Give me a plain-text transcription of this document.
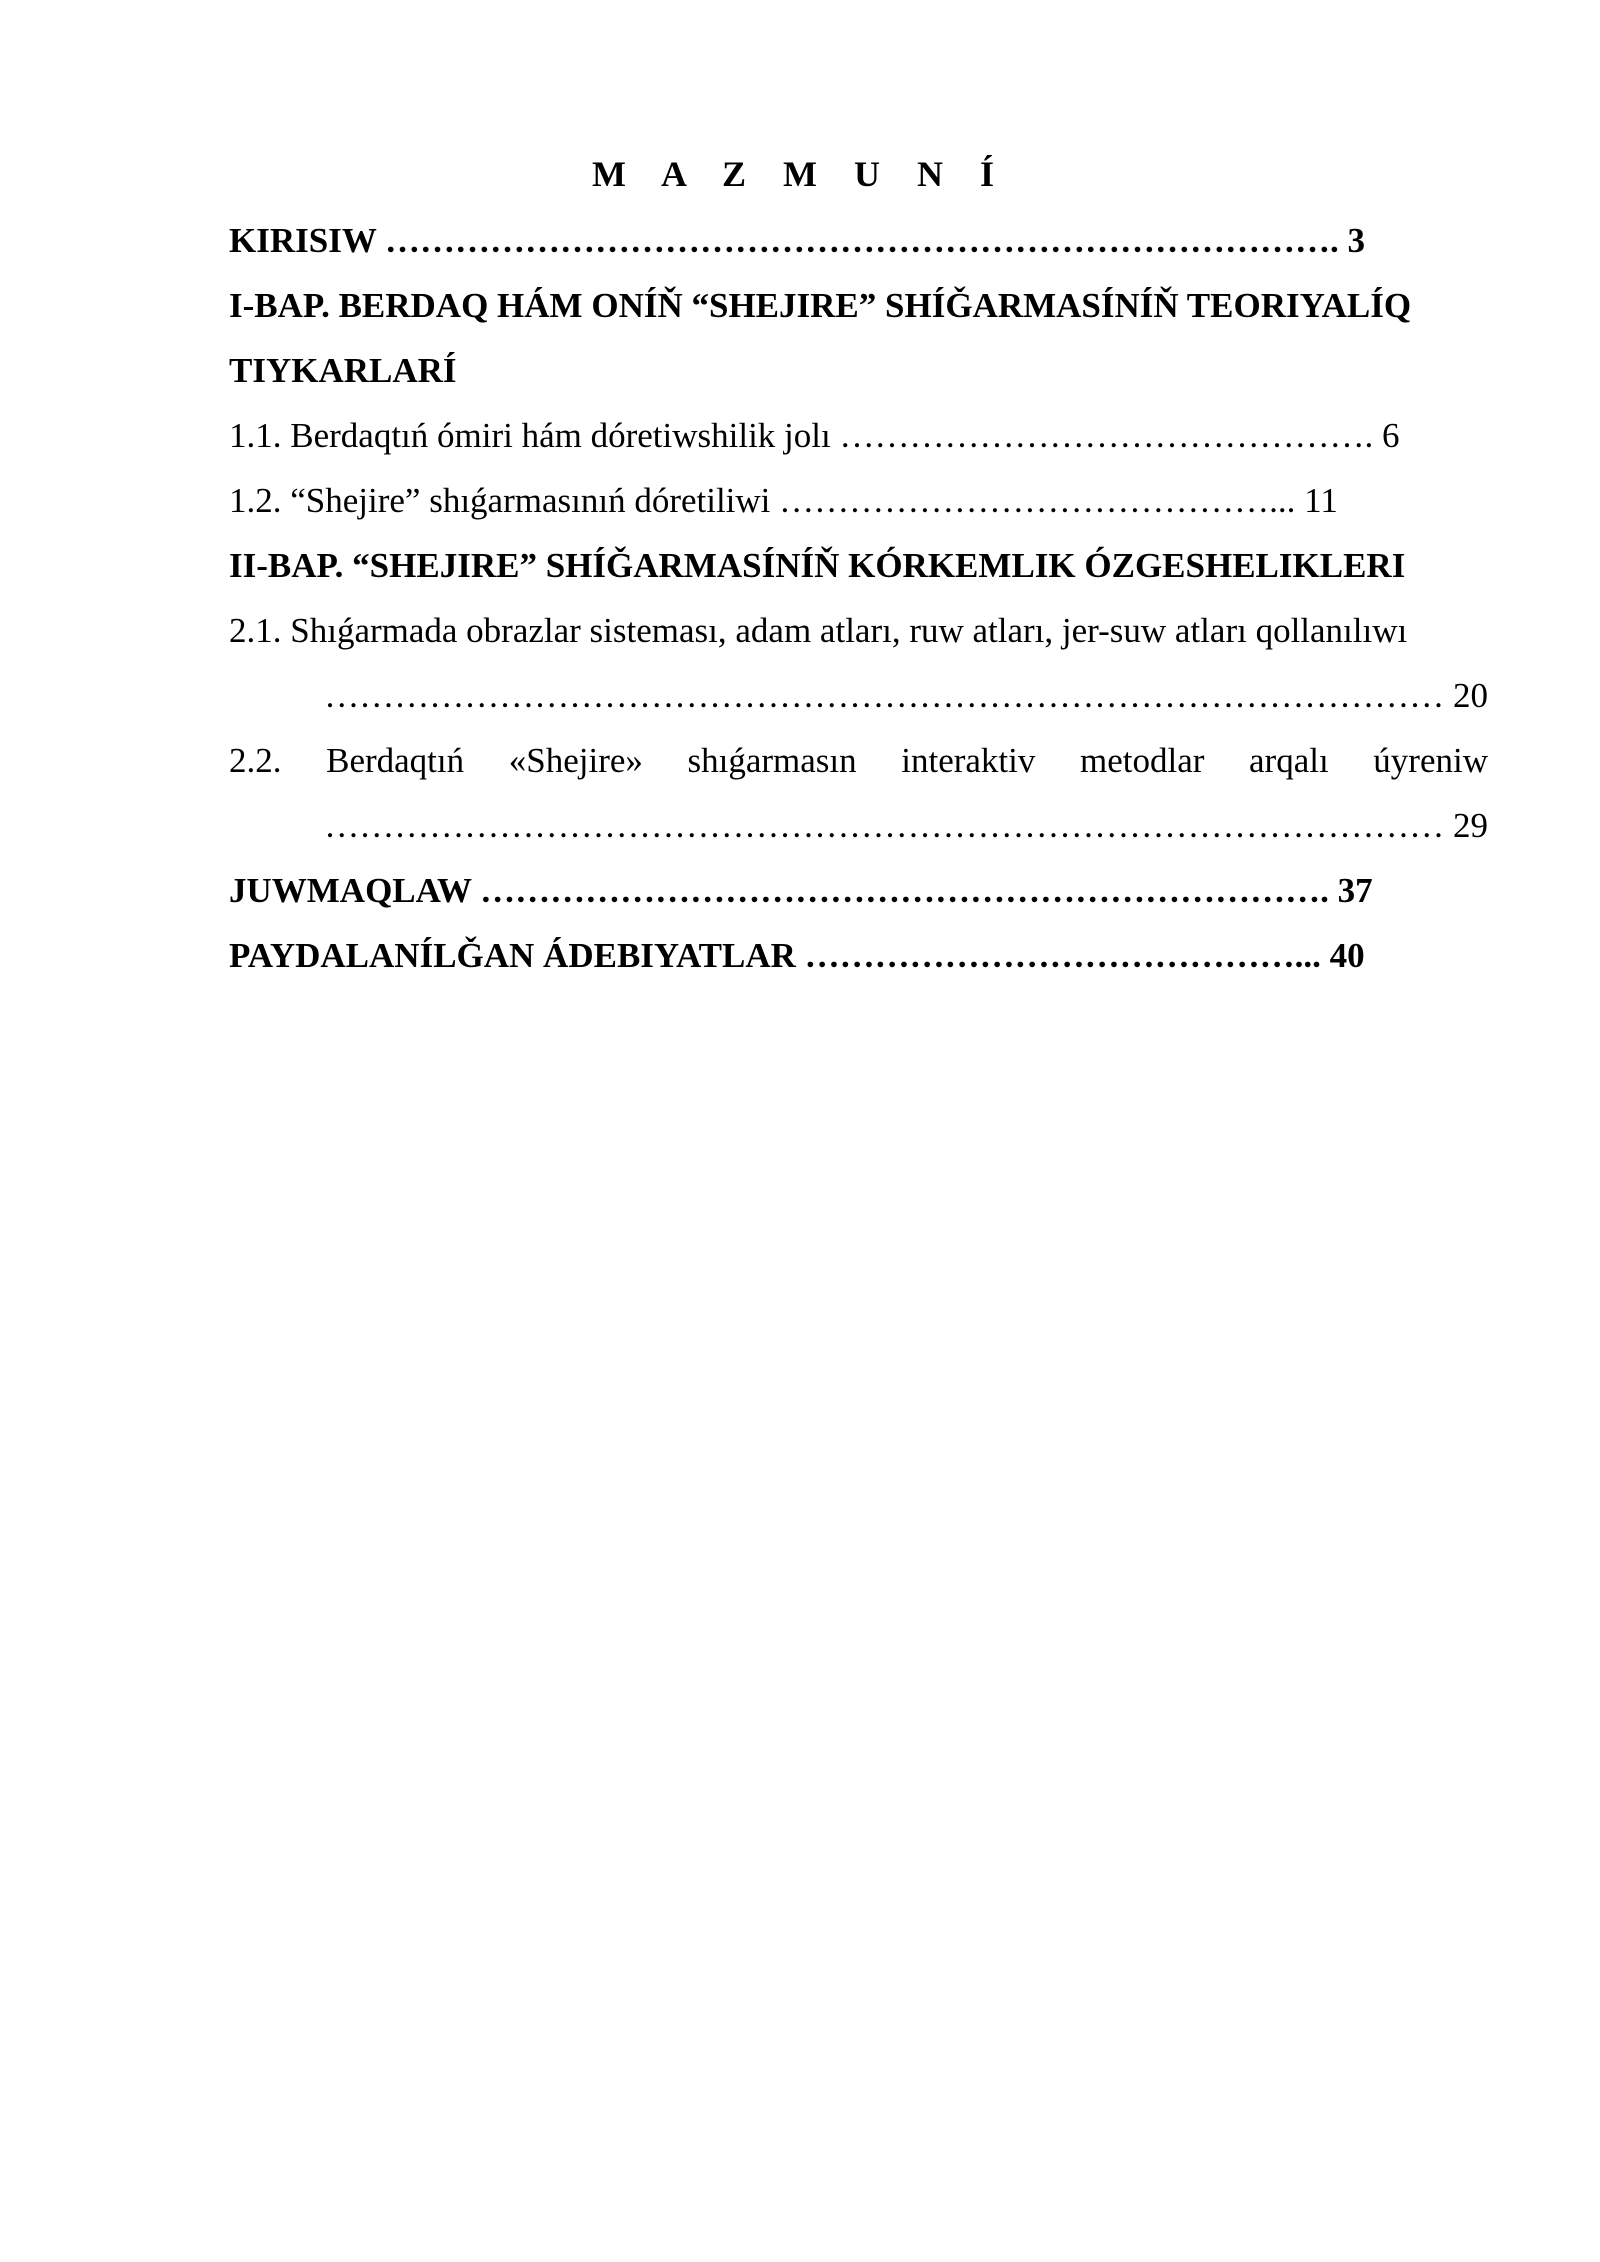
M A Z M U N Í
KIRISIW ………………………………………………………………………. 3
I-BAP. BERDAQ HÁM ONÍŇ “SHEJIRE” SHÍǦARMASÍNÍŇ TEORIYALÍQ
TIYKARLARÍ
1.1. Berdaqtıń ómiri hám dóretiwshilik jolı ………………………………………. 6
1.2. “Shejire” shıǵarmasınıń dóretiliwi ……………………………………... 11
II-BAP. “SHEJIRE” SHÍǦARMASÍNÍŇ KÓRKEMLIK ÓZGESHELIKLERI
2.1. Shıǵarmada obrazlar sisteması, adam atları, ruw atları, jer-suw atları qollanılıwı
…………………………………………………………………………………… 20
2.2. Berdaqtıń «Shejire» shıǵarmasın interaktiv metodlar arqalı úyreniw
…………………………………………………………………………………… 29
JUWMAQLAW ………………………………………………………………. 37
PAYDALANÍLǦAN ÁDEBIYATLAR ……………………………………... 40
